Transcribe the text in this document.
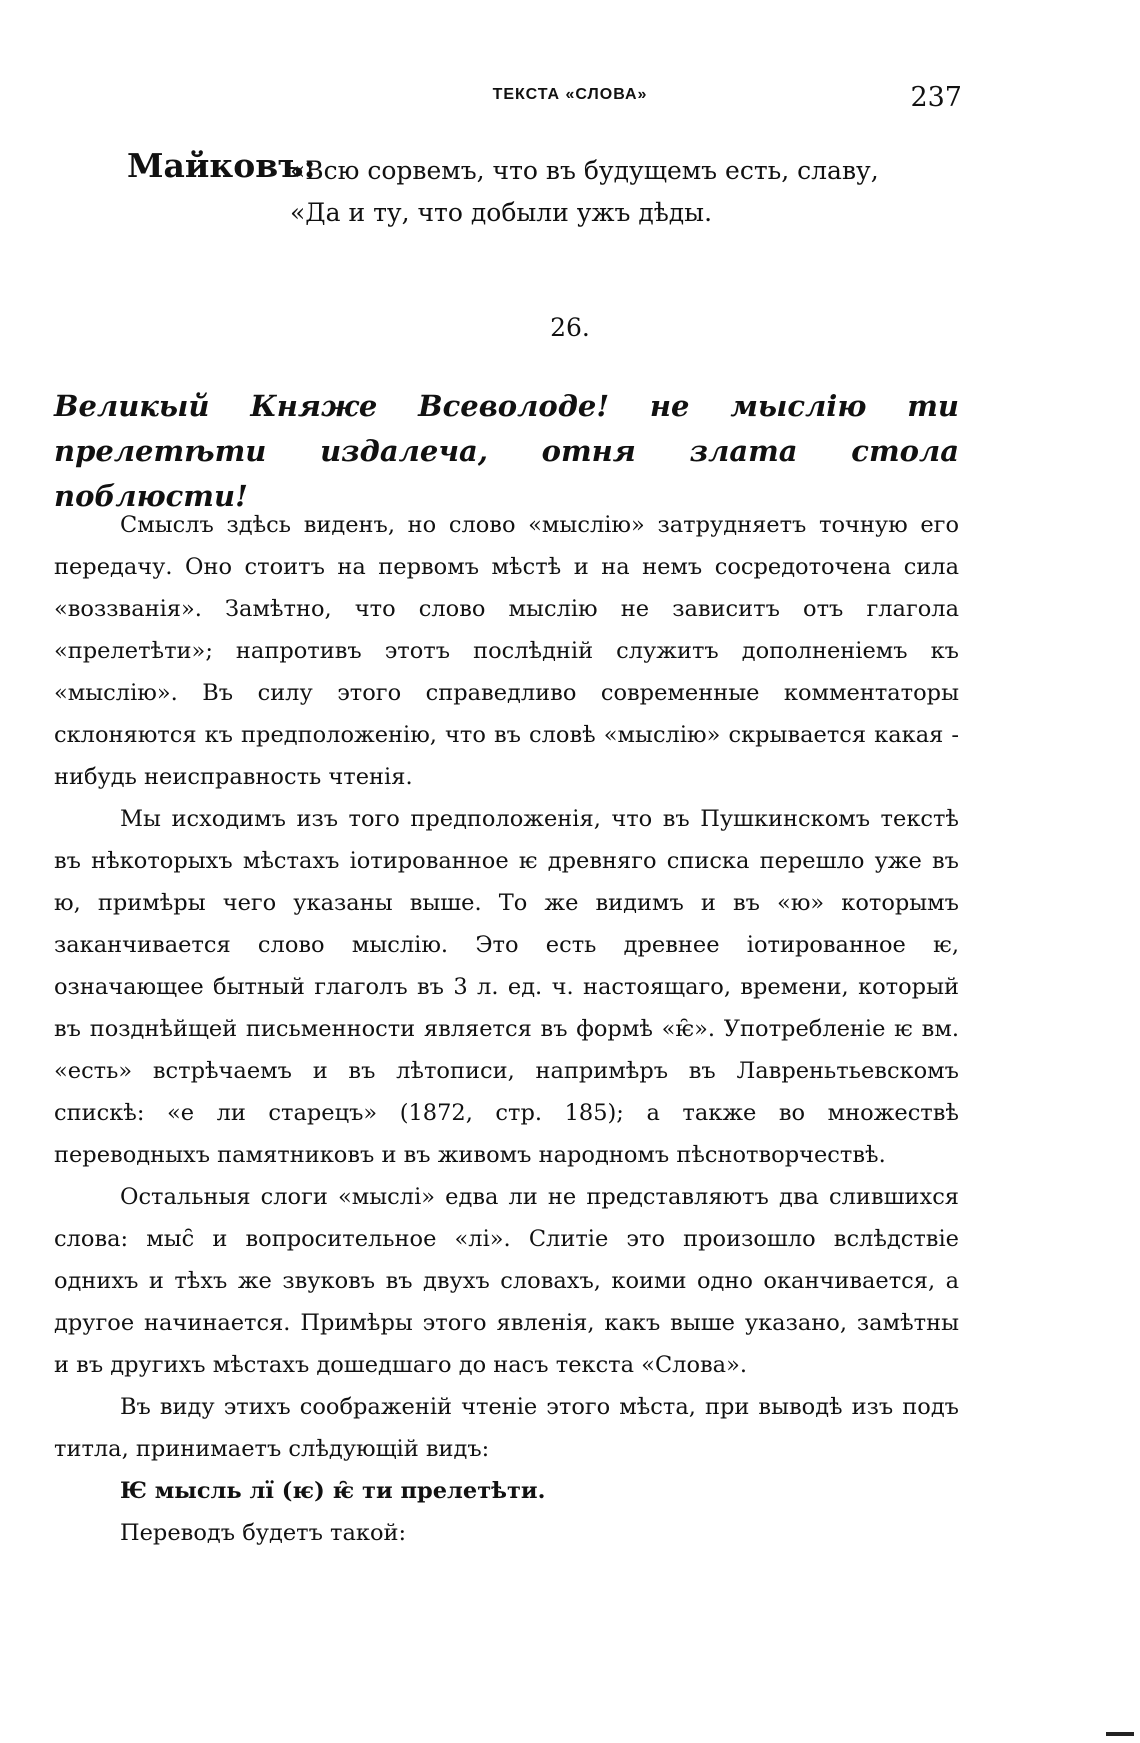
ТЕКСТА «СЛОВА»	237
Майковъ:
«Всю сорвемъ, что въ будущемъ есть, славу,
«Да и ту, что добыли ужъ дѣды.
26.
Великый Княже Всеволоде! не мыслію ти прелетѣти издалеча, отня злата стола поблюсти!

Смыслъ здѣсь виденъ, но слово «мыслію» затрудняетъ точную его передачу. Оно стоитъ на первомъ мѣстѣ и на немъ сосредоточена сила «воззванія». Замѣтно, что слово мыслію не зависитъ отъ глагола «прелетѣти»; напротивъ этотъ послѣдній служитъ дополненіемъ къ «мыслію». Въ силу этого справедливо современные комментаторы склоняются къ предположенію, что въ словѣ «мыслію» скрывается какая - нибудь неисправность чтенія.

Мы исходимъ изъ того предположенія, что въ Пушкинскомъ текстѣ въ нѣкоторыхъ мѣстахъ іотированное ѥ древняго списка перешло уже въ ю, примѣры чего указаны выше. То же видимъ и въ «ю» которымъ заканчивается слово мыслію. Это есть древнее іотированное ѥ, означающее бытный глаголъ въ 3 л. ед. ч. настоящаго, времени, который въ позднѣйщей письменности является въ формѣ «ѥ̑». Употребленіе ѥ вм. «есть» встрѣчаемъ и въ лѣтописи, напримѣръ въ Лавреньтьевскомъ спискѣ: «е ли старецъ» (1872, стр. 185); а также во множествѣ переводныхъ памятниковъ и въ живомъ народномъ пѣснотворчествѣ.

Остальныя слоги «мыслі» едва ли не представляютъ два слившихся слова: мыс̑ и вопросительное «лі». Слитіе это произошло вслѣдствіе однихъ и тѣхъ же звуковъ въ двухъ словахъ, коими одно оканчивается, а другое начинается. Примѣры этого явленія, какъ выше указано, замѣтны и въ другихъ мѣстахъ дошедшаго до насъ текста «Слова».

Въ виду этихъ соображеній чтеніе этого мѣста, при выводѣ изъ подъ титла, принимаетъ слѣдующій видъ:

Ѥ мысль лї (ѥ) ѥ̑ ти прелетѣти.

Переводъ будетъ такой:
